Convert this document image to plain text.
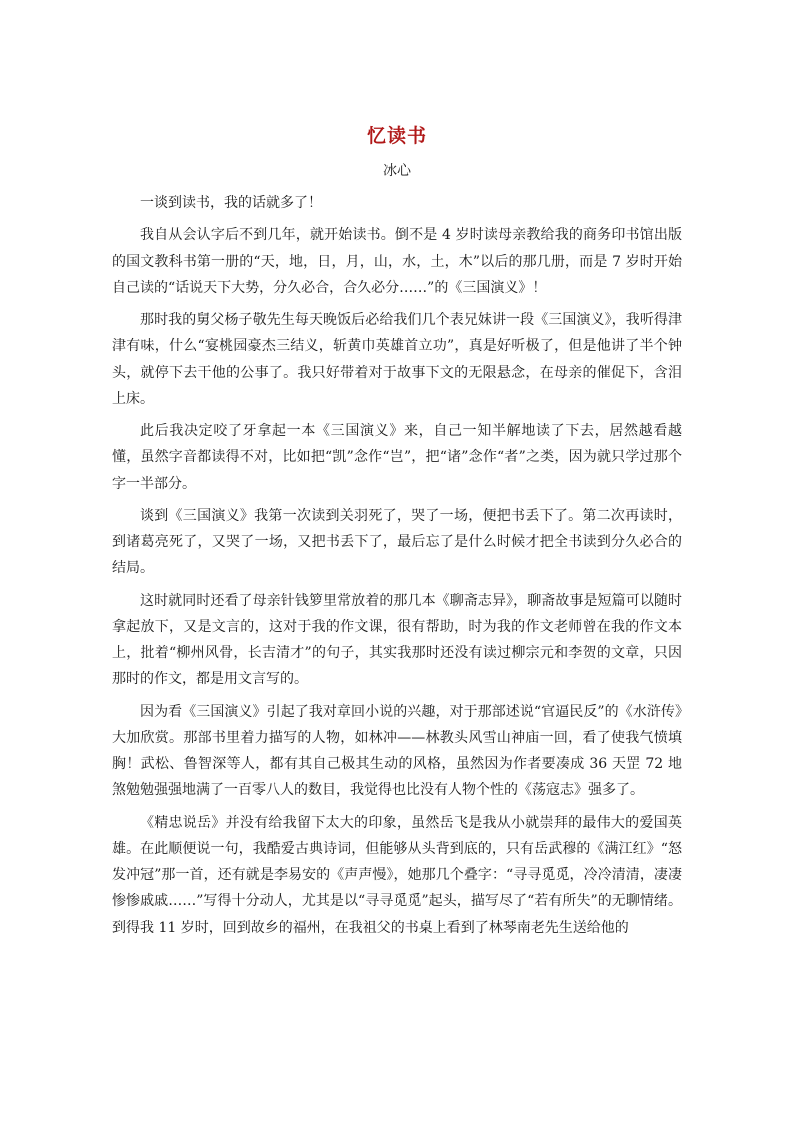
忆读书
冰心

一谈到读书，我的话就多了！

我自从会认字后不到几年，就开始读书。倒不是 4 岁时读母亲教给我的商务印书馆出版的国文教科书第一册的“天，地，日，月，山，水，土，木”以后的那几册，而是 7 岁时开始自己读的“话说天下大势，分久必合，合久必分……”的《三国演义》！

那时我的舅父杨子敬先生每天晚饭后必给我们几个表兄妹讲一段《三国演义》，我听得津津有味，什么“宴桃园豪杰三结义，斩黄巾英雄首立功”，真是好听极了，但是他讲了半个钟头，就停下去干他的公事了。我只好带着对于故事下文的无限悬念，在母亲的催促下，含泪上床。

此后我决定咬了牙拿起一本《三国演义》来，自己一知半解地读了下去，居然越看越懂，虽然字音都读得不对，比如把“凯”念作“岂”，把“诸”念作“者”之类，因为就只学过那个字一半部分。

谈到《三国演义》我第一次读到关羽死了，哭了一场，便把书丢下了。第二次再读时，到诸葛亮死了，又哭了一场，又把书丢下了，最后忘了是什么时候才把全书读到分久必合的结局。

这时就同时还看了母亲针钱箩里常放着的那几本《聊斋志异》，聊斋故事是短篇可以随时拿起放下，又是文言的，这对于我的作文课，很有帮助，时为我的作文老师曾在我的作文本上，批着“柳州风骨，长吉清才”的句子，其实我那时还没有读过柳宗元和李贺的文章，只因那时的作文，都是用文言写的。

因为看《三国演义》引起了我对章回小说的兴趣，对于那部述说“官逼民反”的《水浒传》大加欣赏。那部书里着力描写的人物，如林冲——林教头风雪山神庙一回，看了使我气愤填胸！武松、鲁智深等人，都有其自己极其生动的风格，虽然因为作者要凑成 36 天罡 72 地煞勉勉强强地满了一百零八人的数目，我觉得也比没有人物个性的《荡寇志》强多了。

《精忠说岳》并没有给我留下太大的印象，虽然岳飞是我从小就崇拜的最伟大的爱国英雄。在此顺便说一句，我酷爱古典诗词，但能够从头背到底的，只有岳武穆的《满江红》“怒发冲冠”那一首，还有就是李易安的《声声慢》，她那几个叠字：“寻寻觅觅，冷冷清清，凄凄惨惨戚戚……”写得十分动人，尤其是以“寻寻觅觅”起头，描写尽了“若有所失”的无聊情绪。到得我 11 岁时，回到故乡的福州，在我祖父的书桌上看到了林琴南老先生送给他的
